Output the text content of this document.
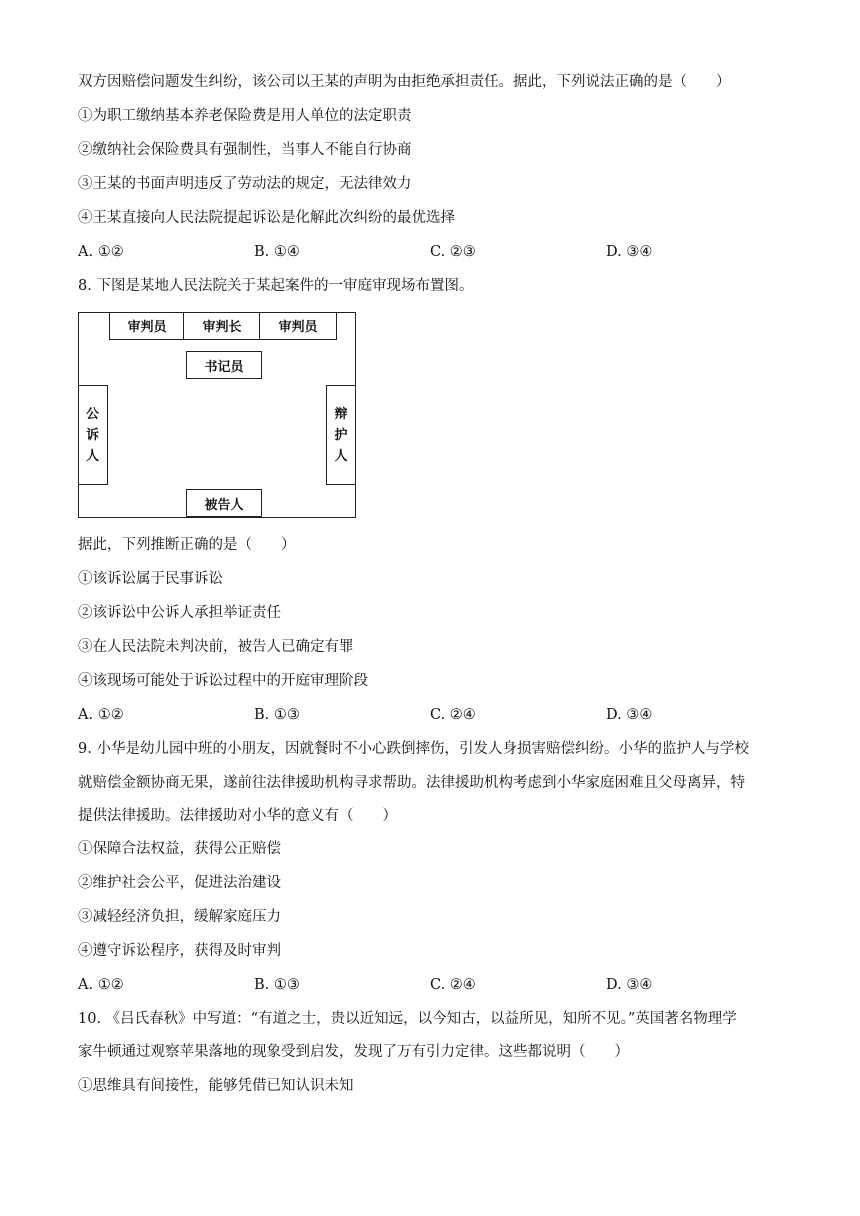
双方因赔偿问题发生纠纷，该公司以王某的声明为由拒绝承担责任。据此，下列说法正确的是（　　）
①为职工缴纳基本养老保险费是用人单位的法定职责
②缴纳社会保险费具有强制性，当事人不能自行协商
③王某的书面声明违反了劳动法的规定，无法律效力
④王某直接向人民法院提起诉讼是化解此次纠纷的最优选择
A. ①②	B. ①④	C. ②③	D. ③④
8. 下图是某地人民法院关于某起案件的一审庭审现场布置图。
审判员	审判长	审判员
书记员
公
诉
人
辩
护
人
被告人
据此，下列推断正确的是（　　）
①该诉讼属于民事诉讼
②该诉讼中公诉人承担举证责任
③在人民法院未判决前，被告人已确定有罪
④该现场可能处于诉讼过程中的开庭审理阶段
A. ①②	B. ①③	C. ②④	D. ③④
9. 小华是幼儿园中班的小朋友，因就餐时不小心跌倒摔伤，引发人身损害赔偿纠纷。小华的监护人与学校
就赔偿金额协商无果，遂前往法律援助机构寻求帮助。法律援助机构考虑到小华家庭困难且父母离异，特
提供法律援助。法律援助对小华的意义有（　　）
①保障合法权益，获得公正赔偿
②维护社会公平，促进法治建设
③减轻经济负担，缓解家庭压力
④遵守诉讼程序，获得及时审判
A. ①②	B. ①③	C. ②④	D. ③④
10. 《吕氏春秋》中写道：“有道之士，贵以近知远，以今知古，以益所见，知所不见。”英国著名物理学
家牛顿通过观察苹果落地的现象受到启发，发现了万有引力定律。这些都说明（　　）
①思维具有间接性，能够凭借已知认识未知
